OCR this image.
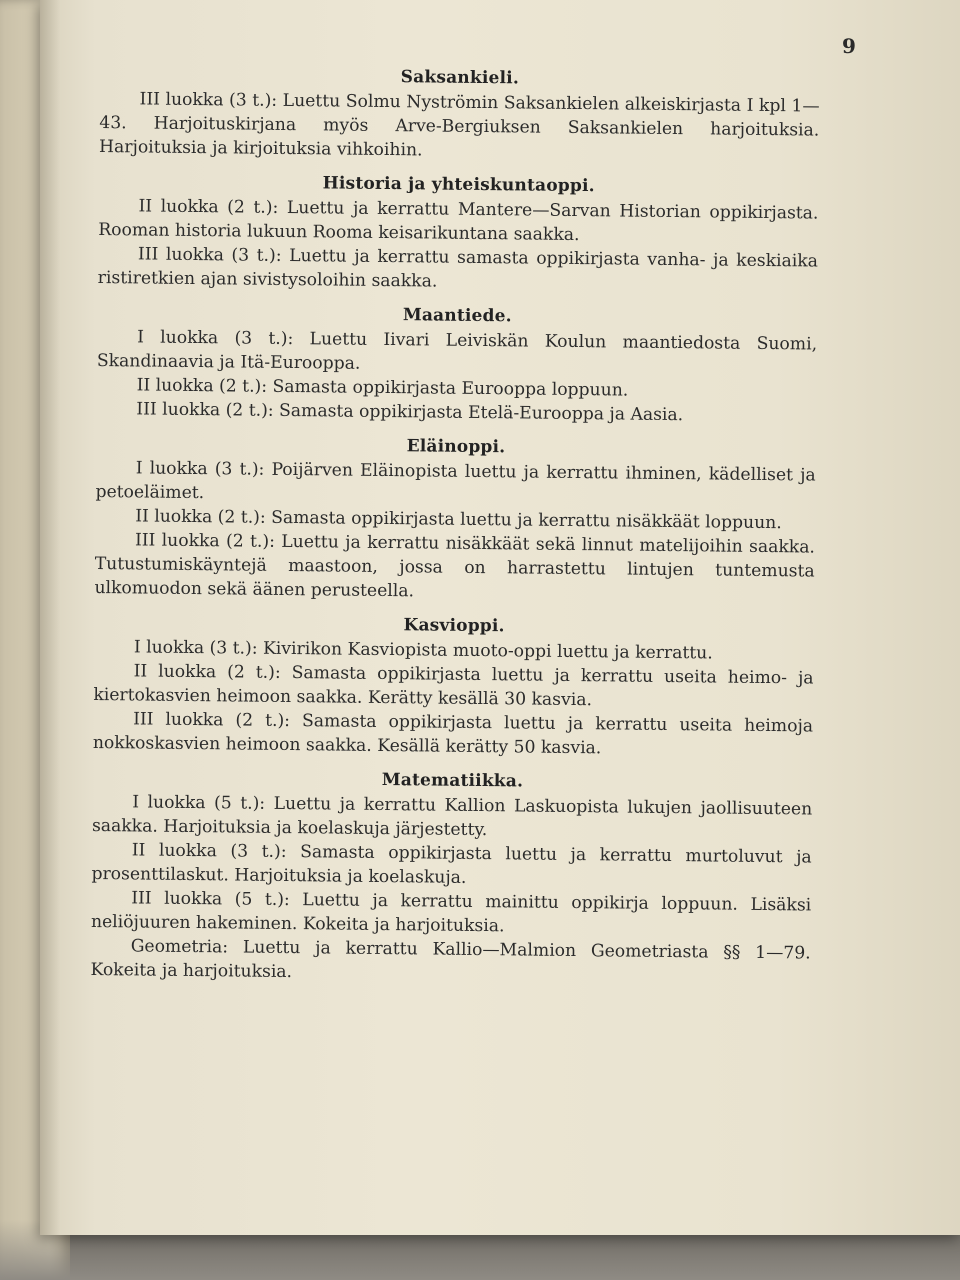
9

Saksankieli.

III luokka (3 t.): Luettu Solmu Nyströmin Saksankielen alkeiskirjasta I kpl 1—43. Harjoituskirjana myös Arve-Bergiuksen Saksankielen harjoituksia. Harjoituksia ja kirjoituksia vihkoihin.

Historia ja yhteiskuntaoppi.

II luokka (2 t.): Luettu ja kerrattu Mantere—Sarvan Historian oppikirjasta. Rooman historia lukuun Rooma keisarikuntana saakka.

III luokka (3 t.): Luettu ja kerrattu samasta oppikirjasta vanha- ja keskiaika ristiretkien ajan sivistysoloihin saakka.

Maantiede.

I luokka (3 t.): Luettu Iivari Leiviskän Koulun maantiedosta Suomi, Skandinaavia ja Itä-Eurooppa.

II luokka (2 t.): Samasta oppikirjasta Eurooppa loppuun.

III luokka (2 t.): Samasta oppikirjasta Etelä-Eurooppa ja Aasia.

Eläinoppi.

I luokka (3 t.): Poijärven Eläinopista luettu ja kerrattu ihminen, kädelliset ja petoeläimet.

II luokka (2 t.): Samasta oppikirjasta luettu ja kerrattu nisäkkäät loppuun.

III luokka (2 t.): Luettu ja kerrattu nisäkkäät sekä linnut matelijoihin saakka. Tutustumiskäyntejä maastoon, jossa on harrastettu lintujen tuntemusta ulkomuodon sekä äänen perusteella.

Kasvioppi.

I luokka (3 t.): Kivirikon Kasviopista muoto-oppi luettu ja kerrattu.

II luokka (2 t.): Samasta oppikirjasta luettu ja kerrattu useita heimo- ja kiertokasvien heimoon saakka. Kerätty kesällä 30 kasvia.

III luokka (2 t.): Samasta oppikirjasta luettu ja kerrattu useita heimoja nokkoskasvien heimoon saakka. Kesällä kerätty 50 kasvia.

Matematiikka.

I luokka (5 t.): Luettu ja kerrattu Kallion Laskuopista lukujen jaollisuuteen saakka. Harjoituksia ja koelaskuja järjestetty.

II luokka (3 t.): Samasta oppikirjasta luettu ja kerrattu murtoluvut ja prosenttilaskut. Harjoituksia ja koelaskuja.

III luokka (5 t.): Luettu ja kerrattu mainittu oppikirja loppuun. Lisäksi neliöjuuren hakeminen. Kokeita ja harjoituksia.

Geometria: Luettu ja kerrattu Kallio—Malmion Geometriasta §§ 1—79. Kokeita ja harjoituksia.
